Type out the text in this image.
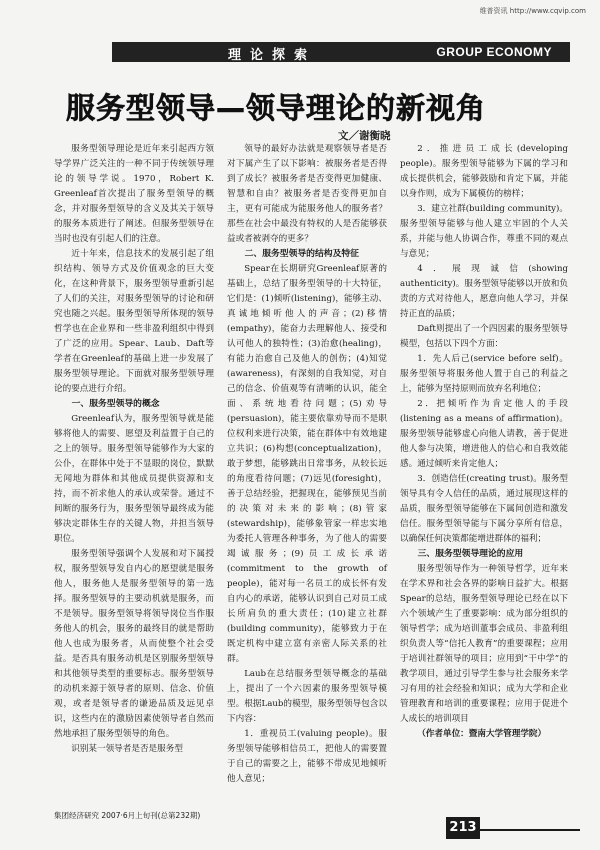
维普资讯 http://www.cqvip.com
理论探索	GROUP ECONOMY
服务型领导—领导理论的新视角
文／谢衡晓

服务型领导理论是近年来引起西方领导学界广泛关注的一种不同于传统领导理论的领导学说。1970，Robert K. Greenleaf首次提出了服务型领导的概念，并对服务型领导的含义及其关于领导的服务本质进行了阐述。但服务型领导在当时也没有引起人们的注意。

近十年来，信息技术的发展引起了组织结构、领导方式及价值观念的巨大变化，在这种背景下，服务型领导重新引起了人们的关注，对服务型领导的讨论和研究也随之兴起。服务型领导所体现的领导哲学也在企业界和一些非盈利组织中得到了广泛的应用。Spear、Laub、Daft等学者在Greenleaf的基础上进一步发展了服务型领导理论。下面就对服务型领导理论的要点进行介绍。

一、服务型领导的概念

Greenleaf认为，服务型领导就是能够将他人的需要、愿望及利益置于自己的之上的领导。服务型领导能够作为大家的公仆，在群体中处于不显眼的岗位，默默无闻地为群体和其他成员提供资源和支持，而不祈求他人的承认或荣誉。通过不间断的服务行为，服务型领导最终成为能够决定群体生存的关键人物，并担当领导职位。

服务型领导强调个人发展和对下属授权，服务型领导发自内心的愿望就是服务他人，服务他人是服务型领导的第一选择。服务型领导的主要动机就是服务，而不是领导。服务型领导将领导岗位当作服务他人的机会，服务的最终目的就是帮助他人也成为服务者，从而使整个社会受益。是否具有服务动机是区别服务型领导和其他领导类型的重要标志。服务型领导的动机来源于领导者的原则、信念、价值观，或者是领导者的谦逊品质及远见卓识，这些内在的激励因素使领导者自然而然地承担了服务型领导的角色。

识别某一领导者是否是服务型

领导的最好办法就是观察领导者是否对下属产生了以下影响：被服务者是否得到了成长？被服务者是否变得更加健康、智慧和自由？被服务者是否变得更加自主，更有可能成为能服务他人的服务者？那些在社会中最没有特权的人是否能够获益或者被剥夺的更多？

二、服务型领导的结构及特征

Spear在长期研究Greenleaf原著的基础上，总结了服务型领导的十大特征，它们是：(1)倾听(listening)，能够主动、真诚地倾听他人的声音；(2)移情(empathy)，能奋力去理解他人、接受和认可他人的独特性；(3)治愈(healing)，有能力治愈自己及他人的创伤；(4)知觉(awareness)，有深刻的自我知觉，对自己的信念、价值观等有清晰的认识，能全面、系统地看待问题；(5)劝导(persuasion)，能主要依靠劝导而不是职位权利来进行决策，能在群体中有效地建立共识；(6)构想(conceptualization)，敢于梦想，能够跳出日常事务，从较长远的角度看待问题；(7)远见(foresight)，善于总结经验，把握现在，能够预见当前的决策对未来的影响；(8)管家(stewardship)，能够象管家一样忠实地为委托人管理各种事务，为了他人的需要竭诚服务；(9)员工成长承诺(commitment to the growth of people)，能对每一名员工的成长怀有发自内心的承诺，能够认识到自己对员工成长所肩负的重大责任；(10)建立社群(building community)，能够致力于在既定机构中建立富有亲密人际关系的社群。

Laub在总结服务型领导概念的基础上，提出了一个六因素的服务型领导模型。根据Laub的模型，服务型领导包含以下内容：

1．重视员工(valuing people)。服务型领导能够相信员工，把他人的需要置于自己的需要之上，能够不带成见地倾听他人意见；

2．推进员工成长(developing people)。服务型领导能够为下属的学习和成长提供机会，能够鼓励和肯定下属，并能以身作则，成为下属模仿的榜样；

3．建立社群(building community)。服务型领导能够与他人建立牢固的个人关系，并能与他人协调合作，尊重不同的观点与意见；

4．展现诚信(showing authenticity)。服务型领导能够以开放和负责的方式对待他人，愿意向他人学习，并保持正直的品质；

Daft则提出了一个四因素的服务型领导模型，包括以下四个方面：

1．先人后己(service before self)。服务型领导将服务他人置于自己的利益之上，能够为坚持原则而放弃名利地位；

2．把倾听作为肯定他人的手段(listening as a means of affirmation)。服务型领导能够虚心向他人请教，善于促进他人参与决策，增进他人的信心和自我效能感。通过倾听来肯定他人；

3．创造信任(creating trust)。服务型领导具有令人信任的品质，通过展现这样的品质，服务型领导能够在下属间创造和激发信任。服务型领导能与下属分享所有信息，以确保任何决策都能增进群体的福利；

三、服务型领导理论的应用

服务型领导作为一种领导哲学，近年来在学术界和社会各界的影响日益扩大。根据Spear的总结，服务型领导理论已经在以下六个领域产生了重要影响：成为部分组织的领导哲学；成为培训董事会成员、非盈利组织负责人等“信托人教育”的重要课程；应用于培训社群领导的项目；应用到“干中学”的教学项目，通过引导学生参与社会服务来学习有用的社会经验和知识；成为大学和企业管理教育和培训的重要课程；应用于促进个人成长的培训项目

（作者单位：暨南大学管理学院）

集团经济研究 2007·6月上旬刊(总第232期)
213
